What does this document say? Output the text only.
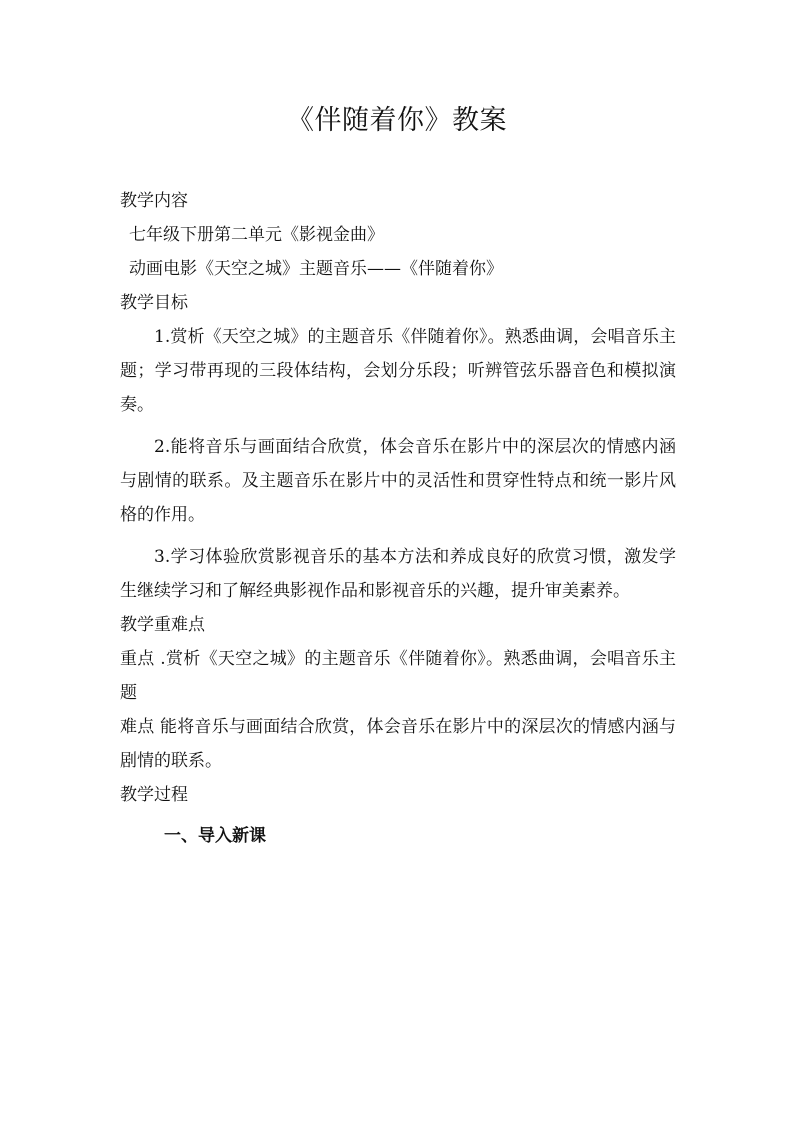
《伴随着你》教案
教学内容
七年级下册第二单元《影视金曲》
动画电影《天空之城》主题音乐——《伴随着你》
教学目标

1.赏析《天空之城》的主题音乐《伴随着你》。熟悉曲调，会唱音乐主题；学习带再现的三段体结构，会划分乐段；听辨管弦乐器音色和模拟演奏。

2.能将音乐与画面结合欣赏，体会音乐在影片中的深层次的情感内涵与剧情的联系。及主题音乐在影片中的灵活性和贯穿性特点和统一影片风格的作用。

3.学习体验欣赏影视音乐的基本方法和养成良好的欣赏习惯，激发学生继续学习和了解经典影视作品和影视音乐的兴趣，提升审美素养。

教学重难点

重点 .赏析《天空之城》的主题音乐《伴随着你》。熟悉曲调，会唱音乐主题

难点 能将音乐与画面结合欣赏，体会音乐在影片中的深层次的情感内涵与剧情的联系。

教学过程
一、导入新课
